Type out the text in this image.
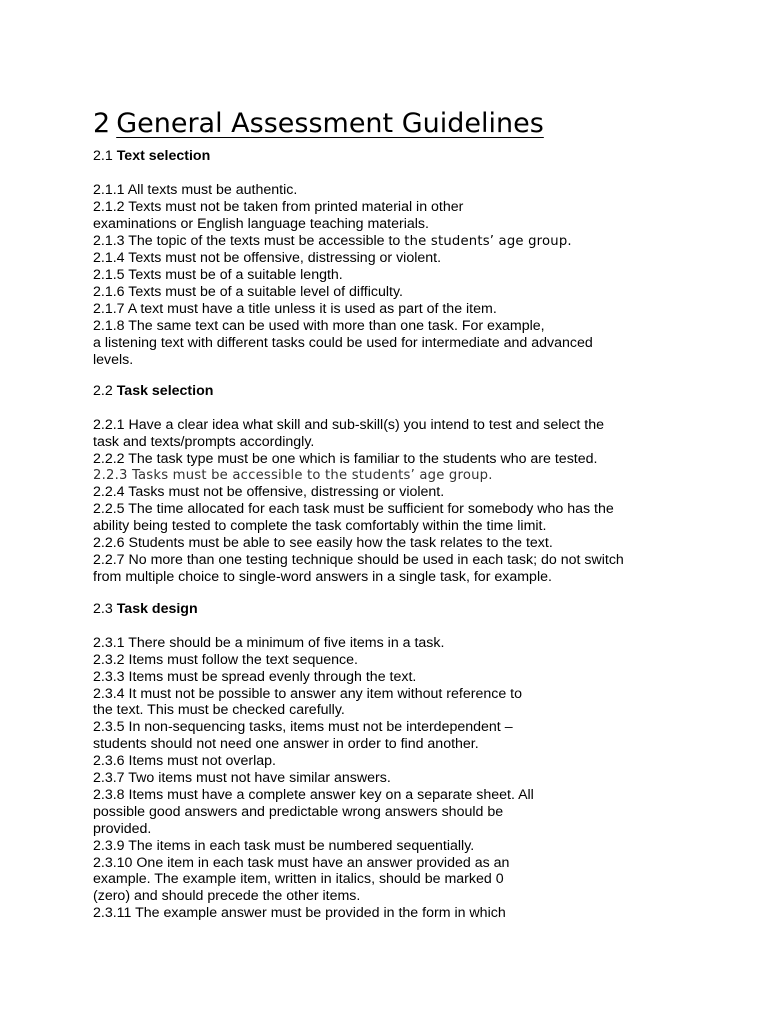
2 General Assessment Guidelines

2.1 Text selection

2.1.1 All texts must be authentic.
2.1.2 Texts must not be taken from printed material in other
examinations or English language teaching materials.
2.1.3 The topic of the texts must be accessible to the students’ age group.
2.1.4 Texts must not be offensive, distressing or violent.
2.1.5 Texts must be of a suitable length.
2.1.6 Texts must be of a suitable level of difficulty.
2.1.7 A text must have a title unless it is used as part of the item.
2.1.8 The same text can be used with more than one task. For example,
a listening text with different tasks could be used for intermediate and advanced
levels.

2.2 Task selection

2.2.1 Have a clear idea what skill and sub-skill(s) you intend to test and select the
task and texts/prompts accordingly.
2.2.2 The task type must be one which is familiar to the students who are tested.
2.2.3 Tasks must be accessible to the students’ age group.
2.2.4 Tasks must not be offensive, distressing or violent.
2.2.5 The time allocated for each task must be sufficient for somebody who has the
ability being tested to complete the task comfortably within the time limit.
2.2.6 Students must be able to see easily how the task relates to the text.
2.2.7 No more than one testing technique should be used in each task; do not switch
from multiple choice to single-word answers in a single task, for example.

2.3 Task design

2.3.1 There should be a minimum of five items in a task.
2.3.2 Items must follow the text sequence.
2.3.3 Items must be spread evenly through the text.
2.3.4 It must not be possible to answer any item without reference to
the text. This must be checked carefully.
2.3.5 In non-sequencing tasks, items must not be interdependent –
students should not need one answer in order to find another.
2.3.6 Items must not overlap.
2.3.7 Two items must not have similar answers.
2.3.8 Items must have a complete answer key on a separate sheet. All
possible good answers and predictable wrong answers should be
provided.
2.3.9 The items in each task must be numbered sequentially.
2.3.10 One item in each task must have an answer provided as an
example. The example item, written in italics, should be marked 0
(zero) and should precede the other items.
2.3.11 The example answer must be provided in the form in which
